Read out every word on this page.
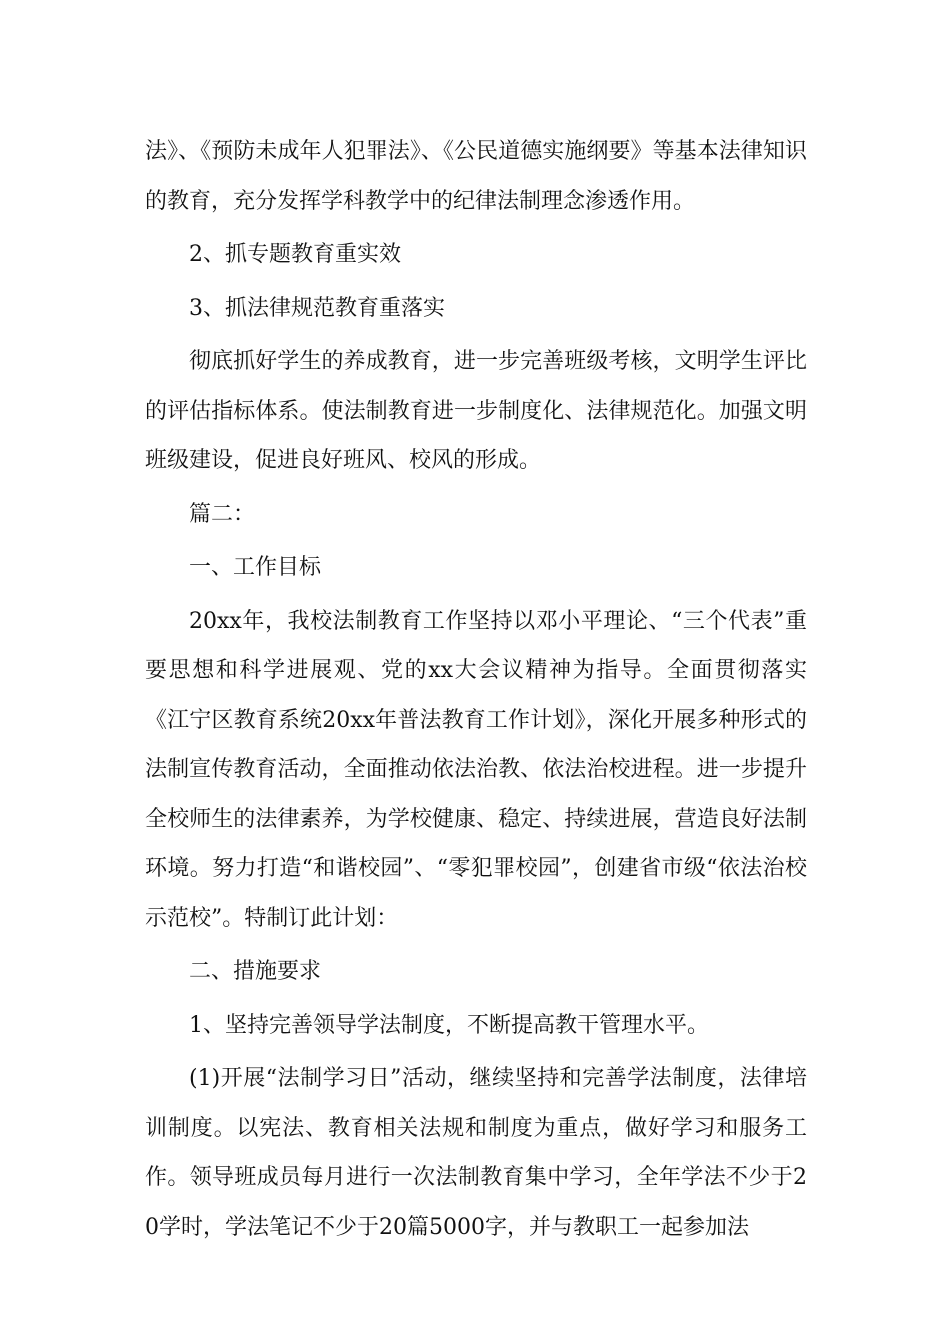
法》、《预防未成年人犯罪法》、《公民道德实施纲要》等基本法律知识的教育，充分发挥学科教学中的纪律法制理念渗透作用。

2、抓专题教育重实效

3、抓法律规范教育重落实

彻底抓好学生的养成教育，进一步完善班级考核，文明学生评比的评估指标体系。使法制教育进一步制度化、法律规范化。加强文明班级建设，促进良好班风、校风的形成。

篇二：

一、工作目标

20xx年，我校法制教育工作坚持以邓小平理论、“三个代表”重要思想和科学进展观、党的xx大会议精神为指导。全面贯彻落实《江宁区教育系统20xx年普法教育工作计划》，深化开展多种形式的法制宣传教育活动，全面推动依法治教、依法治校进程。进一步提升全校师生的法律素养，为学校健康、稳定、持续进展，营造良好法制环境。努力打造“和谐校园”、“零犯罪校园”，创建省市级“依法治校示范校”。特制订此计划：

二、措施要求

1、坚持完善领导学法制度，不断提高教干管理水平。

(1)开展“法制学习日”活动，继续坚持和完善学法制度，法律培训制度。以宪法、教育相关法规和制度为重点，做好学习和服务工作。领导班成员每月进行一次法制教育集中学习，全年学法不少于20学时，学法笔记不少于20篇5000字，并与教职工一起参加法
